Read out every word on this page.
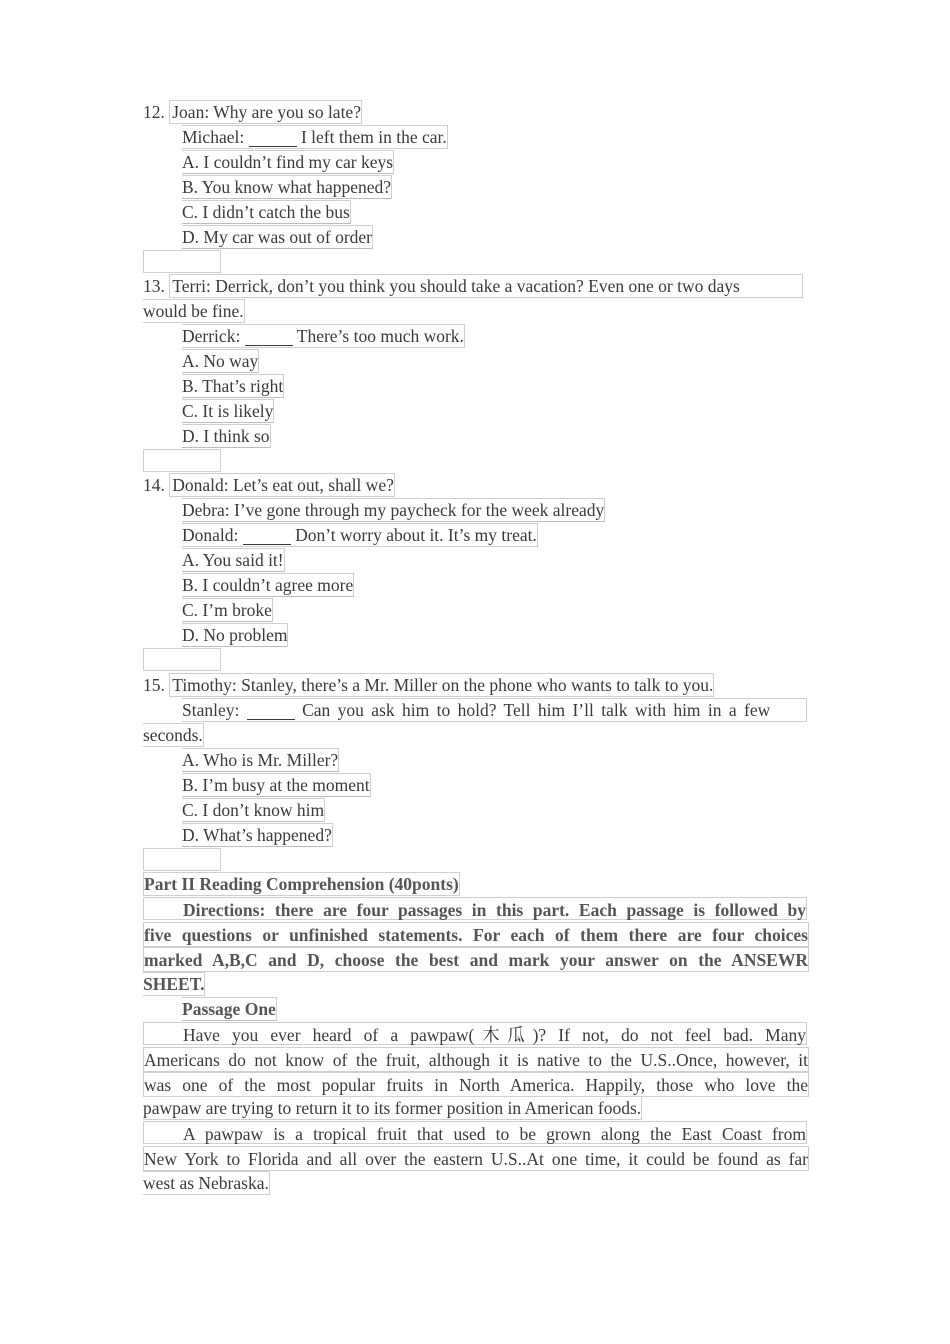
12. Joan: Why are you so late?
Michael:	I left them in the car.
A. I couldn’t find my car keys
B. You know what happened?
C. I didn’t catch the bus
D. My car was out of order
13. Terri: Derrick, don’t you think you should take a vacation? Even one or two days
would be fine.
Derrick:	There’s too much work.
A. No way
B. That’s right
C. It is likely
D. I think so
14. Donald: Let’s eat out, shall we?
Debra: I’ve gone through my paycheck for the week already
Donald:	Don’t worry about it. It’s my treat.
A. You said it!
B. I couldn’t agree more
C. I’m broke
D. No problem
15. Timothy: Stanley, there’s a Mr. Miller on the phone who wants to talk to you.
Stanley:	Can you ask him to hold? Tell him I’ll talk with him in a few
seconds.
A. Who is Mr. Miller?
B. I’m busy at the moment
C. I don’t know him
D. What’s happened?
Part II Reading Comprehension (40ponts)
Directions: there are four passages in this part. Each passage is followed by
five questions or unfinished statements. For each of them there are four choices
marked A,B,C and D, choose the best and mark your answer on the ANSEWR
SHEET.
Passage One
Have you ever heard of a pawpaw(木瓜)? If not, do not feel bad. Many
Americans do not know of the fruit, although it is native to the U.S..Once, however, it
was one of the most popular fruits in North America. Happily, those who love the
pawpaw are trying to return it to its former position in American foods.
A pawpaw is a tropical fruit that used to be grown along the East Coast from
New York to Florida and all over the eastern U.S..At one time, it could be found as far
west as Nebraska.
